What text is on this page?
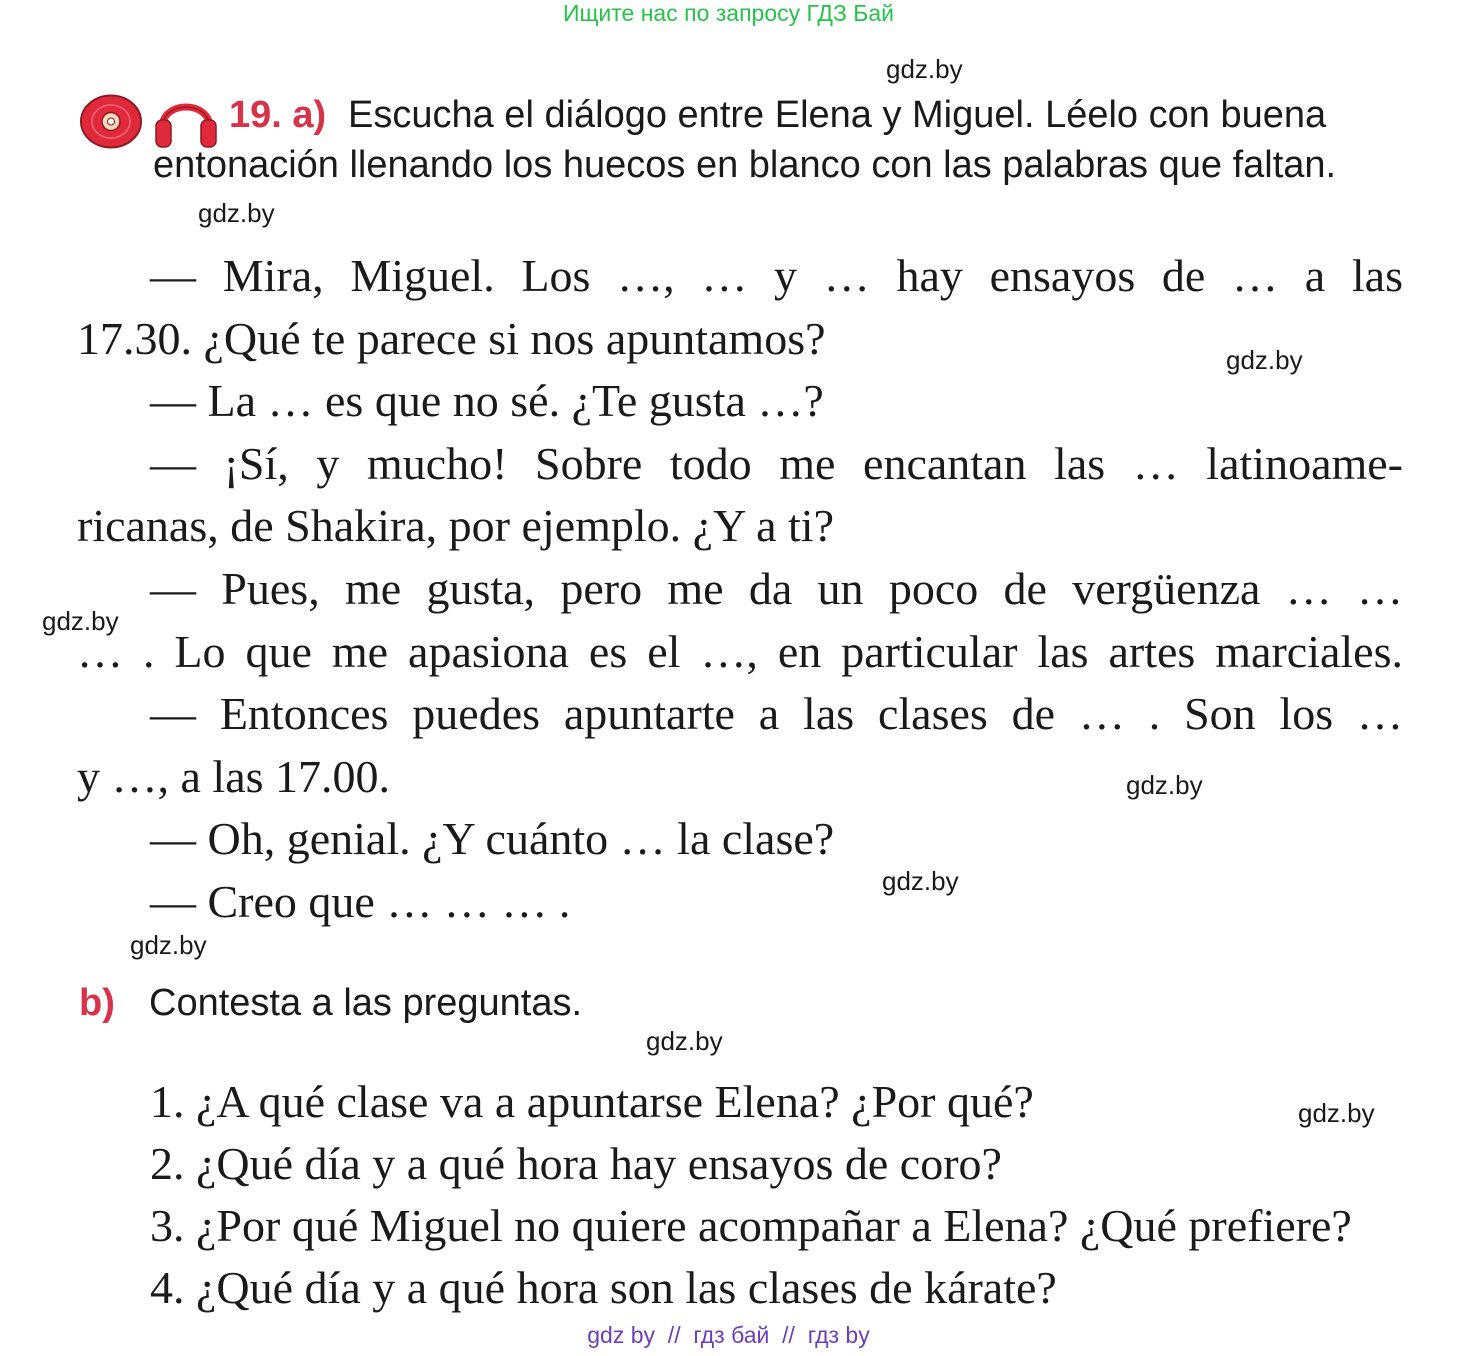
Ищите нас по запросу ГДЗ Бай
gdz.by
gdz.by
gdz.by
gdz.by
gdz.by
gdz.by
gdz.by
gdz.by
gdz.by
19. a) Escucha el diálogo entre Elena y Miguel. Léelo con buena
entonación llenando los huecos en blanco con las palabras que faltan.
— Mira, Miguel. Los …, … y … hay ensayos de … a las
17.30. ¿Qué te parece si nos apuntamos?
— La … es que no sé. ¿Te gusta …?
— ¡Sí, y mucho! Sobre todo me encantan las … latinoame-
ricanas, de Shakira, por ejemplo. ¿Y a ti?
— Pues, me gusta, pero me da un poco de vergüenza … …
… . Lo que me apasiona es el …, en particular las artes marciales.
— Entonces puedes apuntarte a las clases de … . Son los …
y …, a las 17.00.
— Oh, genial. ¿Y cuánto … la clase?
— Creo que … … … .
b) Contesta a las preguntas.
1. ¿A qué clase va a apuntarse Elena? ¿Por qué?
2. ¿Qué día y a qué hora hay ensayos de coro?
3. ¿Por qué Miguel no quiere acompañar a Elena? ¿Qué prefiere?
4. ¿Qué día y a qué hora son las clases de kárate?
gdz by  //  гдз бай  //  гдз by
